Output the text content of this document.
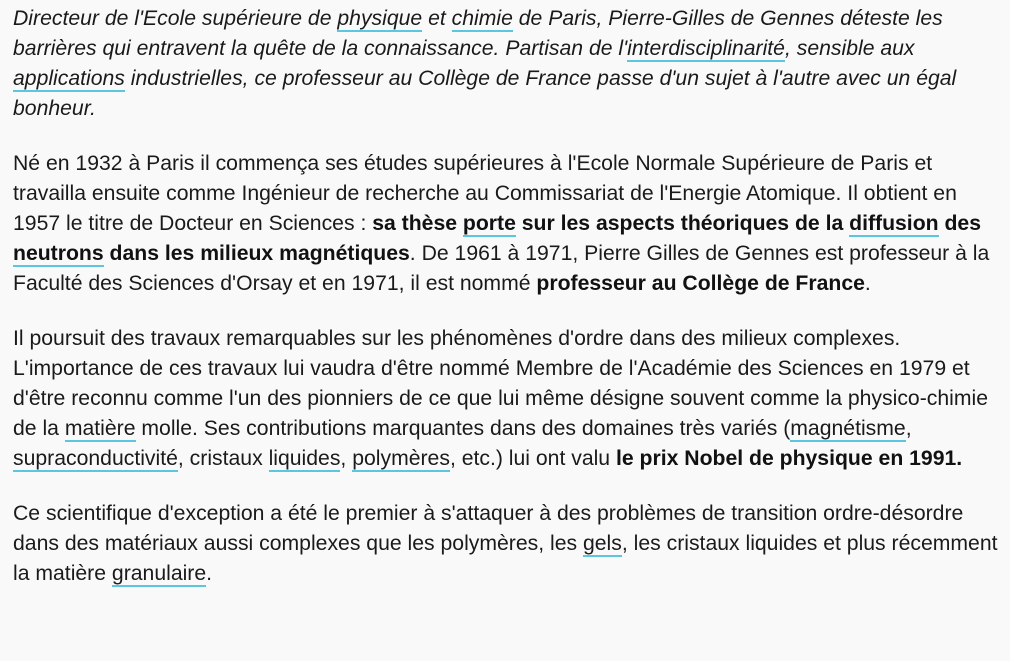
Directeur de l'Ecole supérieure de physique et chimie de Paris, Pierre-Gilles de Gennes déteste les barrières qui entravent la quête de la connaissance. Partisan de l'interdisciplinarité, sensible aux applications industrielles, ce professeur au Collège de France passe d'un sujet à l'autre avec un égal bonheur.

Né en 1932 à Paris il commença ses études supérieures à l'Ecole Normale Supérieure de Paris et travailla ensuite comme Ingénieur de recherche au Commissariat de l'Energie Atomique. Il obtient en 1957 le titre de Docteur en Sciences : sa thèse porte sur les aspects théoriques de la diffusion des neutrons dans les milieux magnétiques. De 1961 à 1971, Pierre Gilles de Gennes est professeur à la Faculté des Sciences d'Orsay et en 1971, il est nommé professeur au Collège de France.

Il poursuit des travaux remarquables sur les phénomènes d'ordre dans des milieux complexes. L'importance de ces travaux lui vaudra d'être nommé Membre de l'Académie des Sciences en 1979 et d'être reconnu comme l'un des pionniers de ce que lui même désigne souvent comme la physico-chimie de la matière molle. Ses contributions marquantes dans des domaines très variés (magnétisme, supraconductivité, cristaux liquides, polymères, etc.) lui ont valu le prix Nobel de physique en 1991.

Ce scientifique d'exception a été le premier à s'attaquer à des problèmes de transition ordre-désordre dans des matériaux aussi complexes que les polymères, les gels, les cristaux liquides et plus récemment la matière granulaire.
